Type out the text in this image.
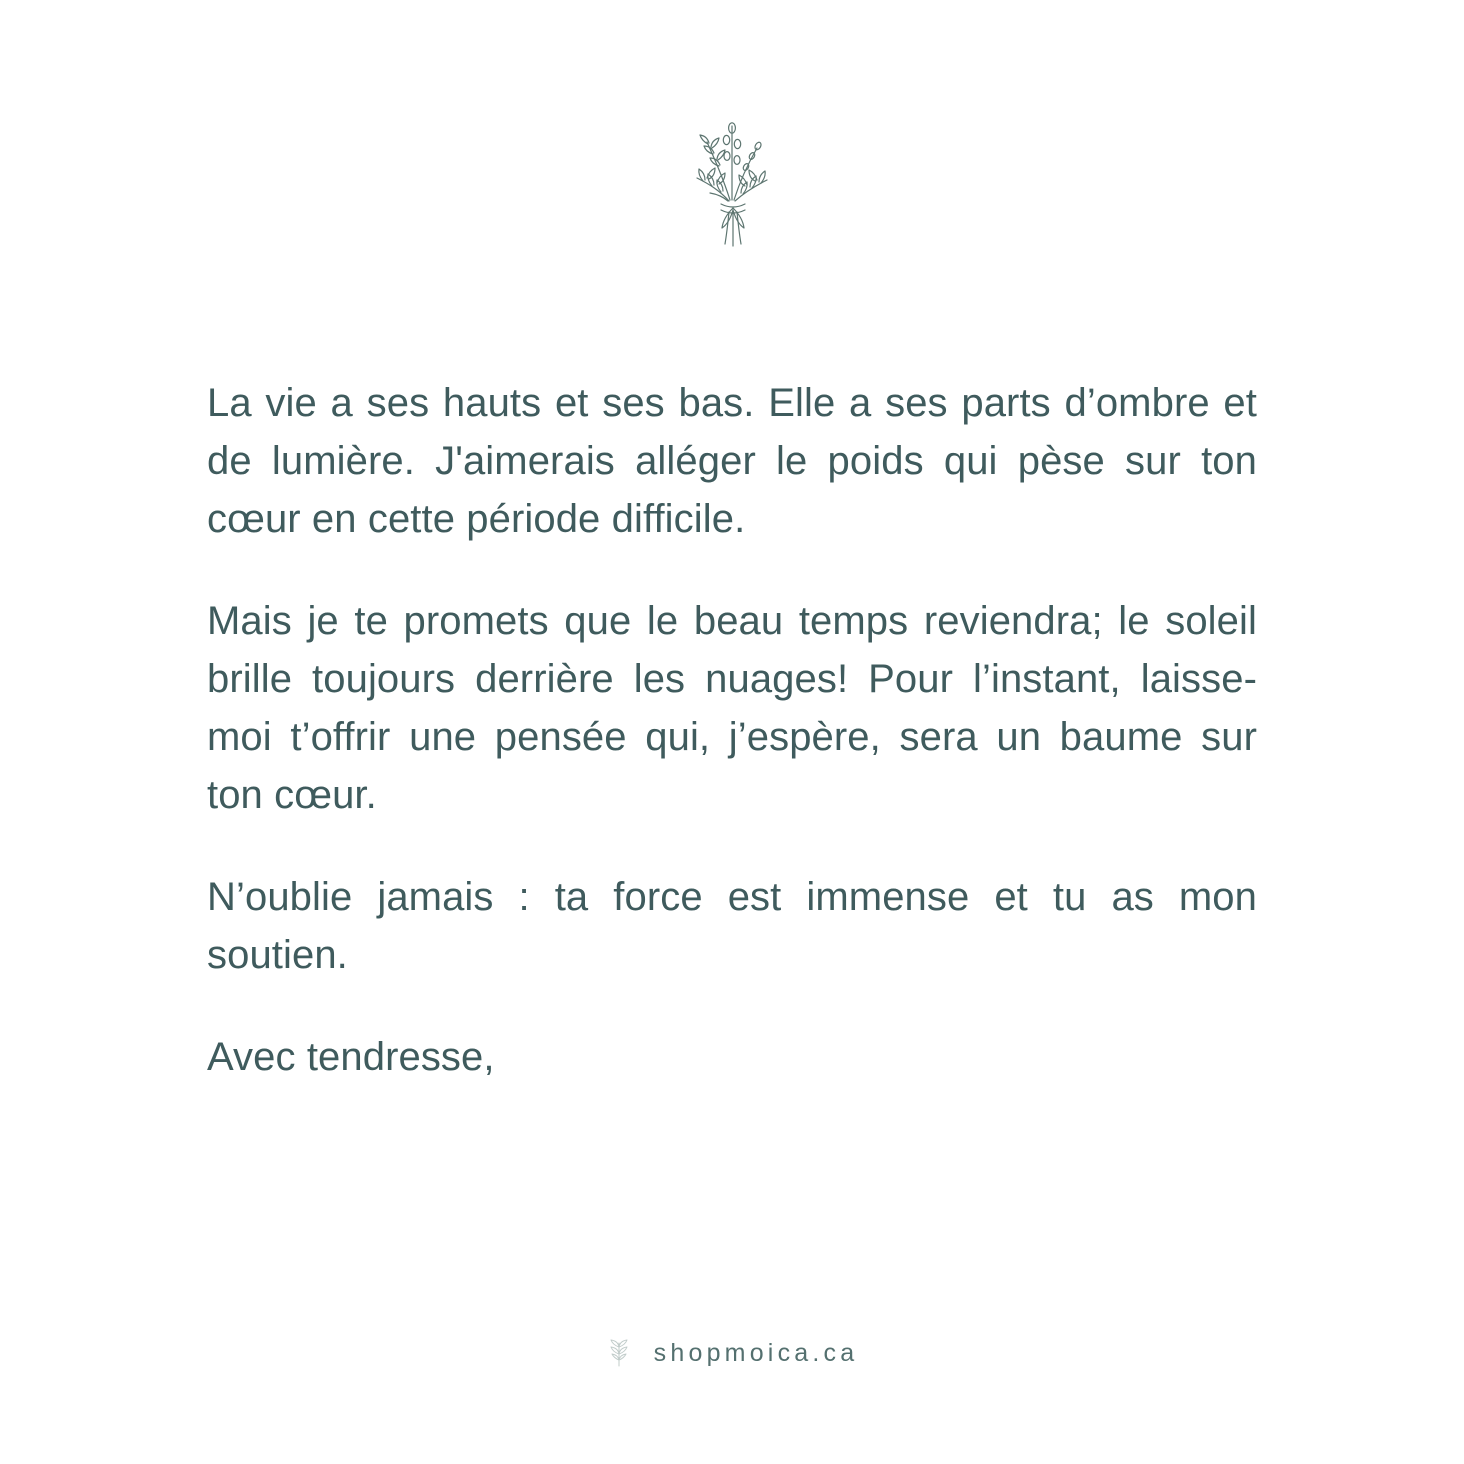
La vie a ses hauts et ses bas. Elle a ses parts d’ombre et de lumière. J'aimerais alléger le poids qui pèse sur ton cœur en cette période difficile.

Mais je te promets que le beau temps reviendra; le soleil brille toujours derrière les nuages! Pour l’instant, laisse-moi t’offrir une pensée qui, j’espère, sera un baume sur ton cœur.

N’oublie jamais : ta force est immense et tu as mon soutien.

Avec tendresse,

shopmoica.ca
